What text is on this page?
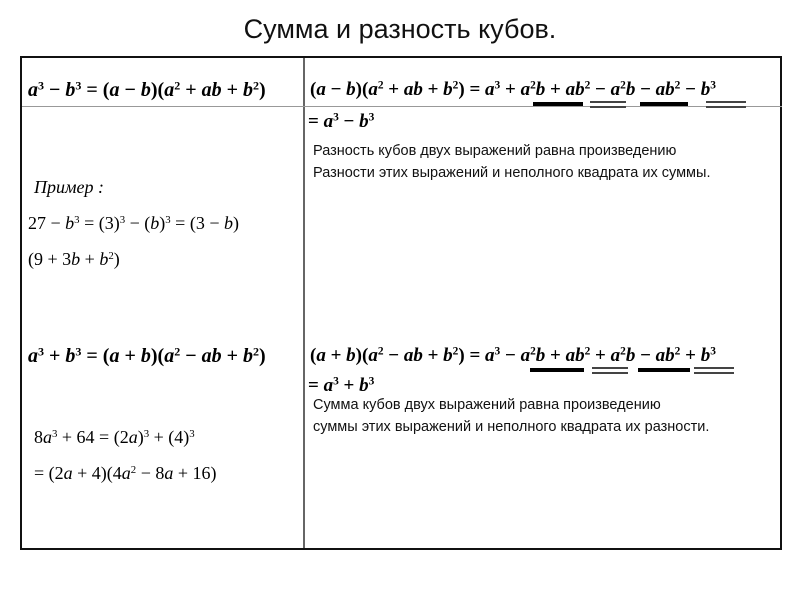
Сумма и разность кубов.
$a^3 - b^3 = (a - b)(a^2$ + ab + $b^2$) $(a - b)(a^2$ + ab + $b^2) = a^3 + a^2b + ab^2 - a^2b - ab^2 - b^3$
= $a^3 - b^3$
Разность кубов двух выражений равна произведению
Разности этих выражений и неполного квадрата их суммы.
Пример :
$27 - b^3 = (3)^3 - (b)^3 = (3 - b)$
$(9 + 3b + b^2)$
$a^3 + b^3 = (a + b)(a^2$ − ab + $b^2$) $(a + b)(a^2$ − ab + $b^2) = a^3 - a^2b + ab^2 + a^2b - ab^2 + b^3$
= $a^3 + b^3$
Сумма кубов двух выражений равна произведению
суммы этих выражений и неполного квадрата их разности.
$8a^3 + 64 = (2a)^3 + (4)^3$
= $(2a + 4)(4a^2 - 8a + 16)$
